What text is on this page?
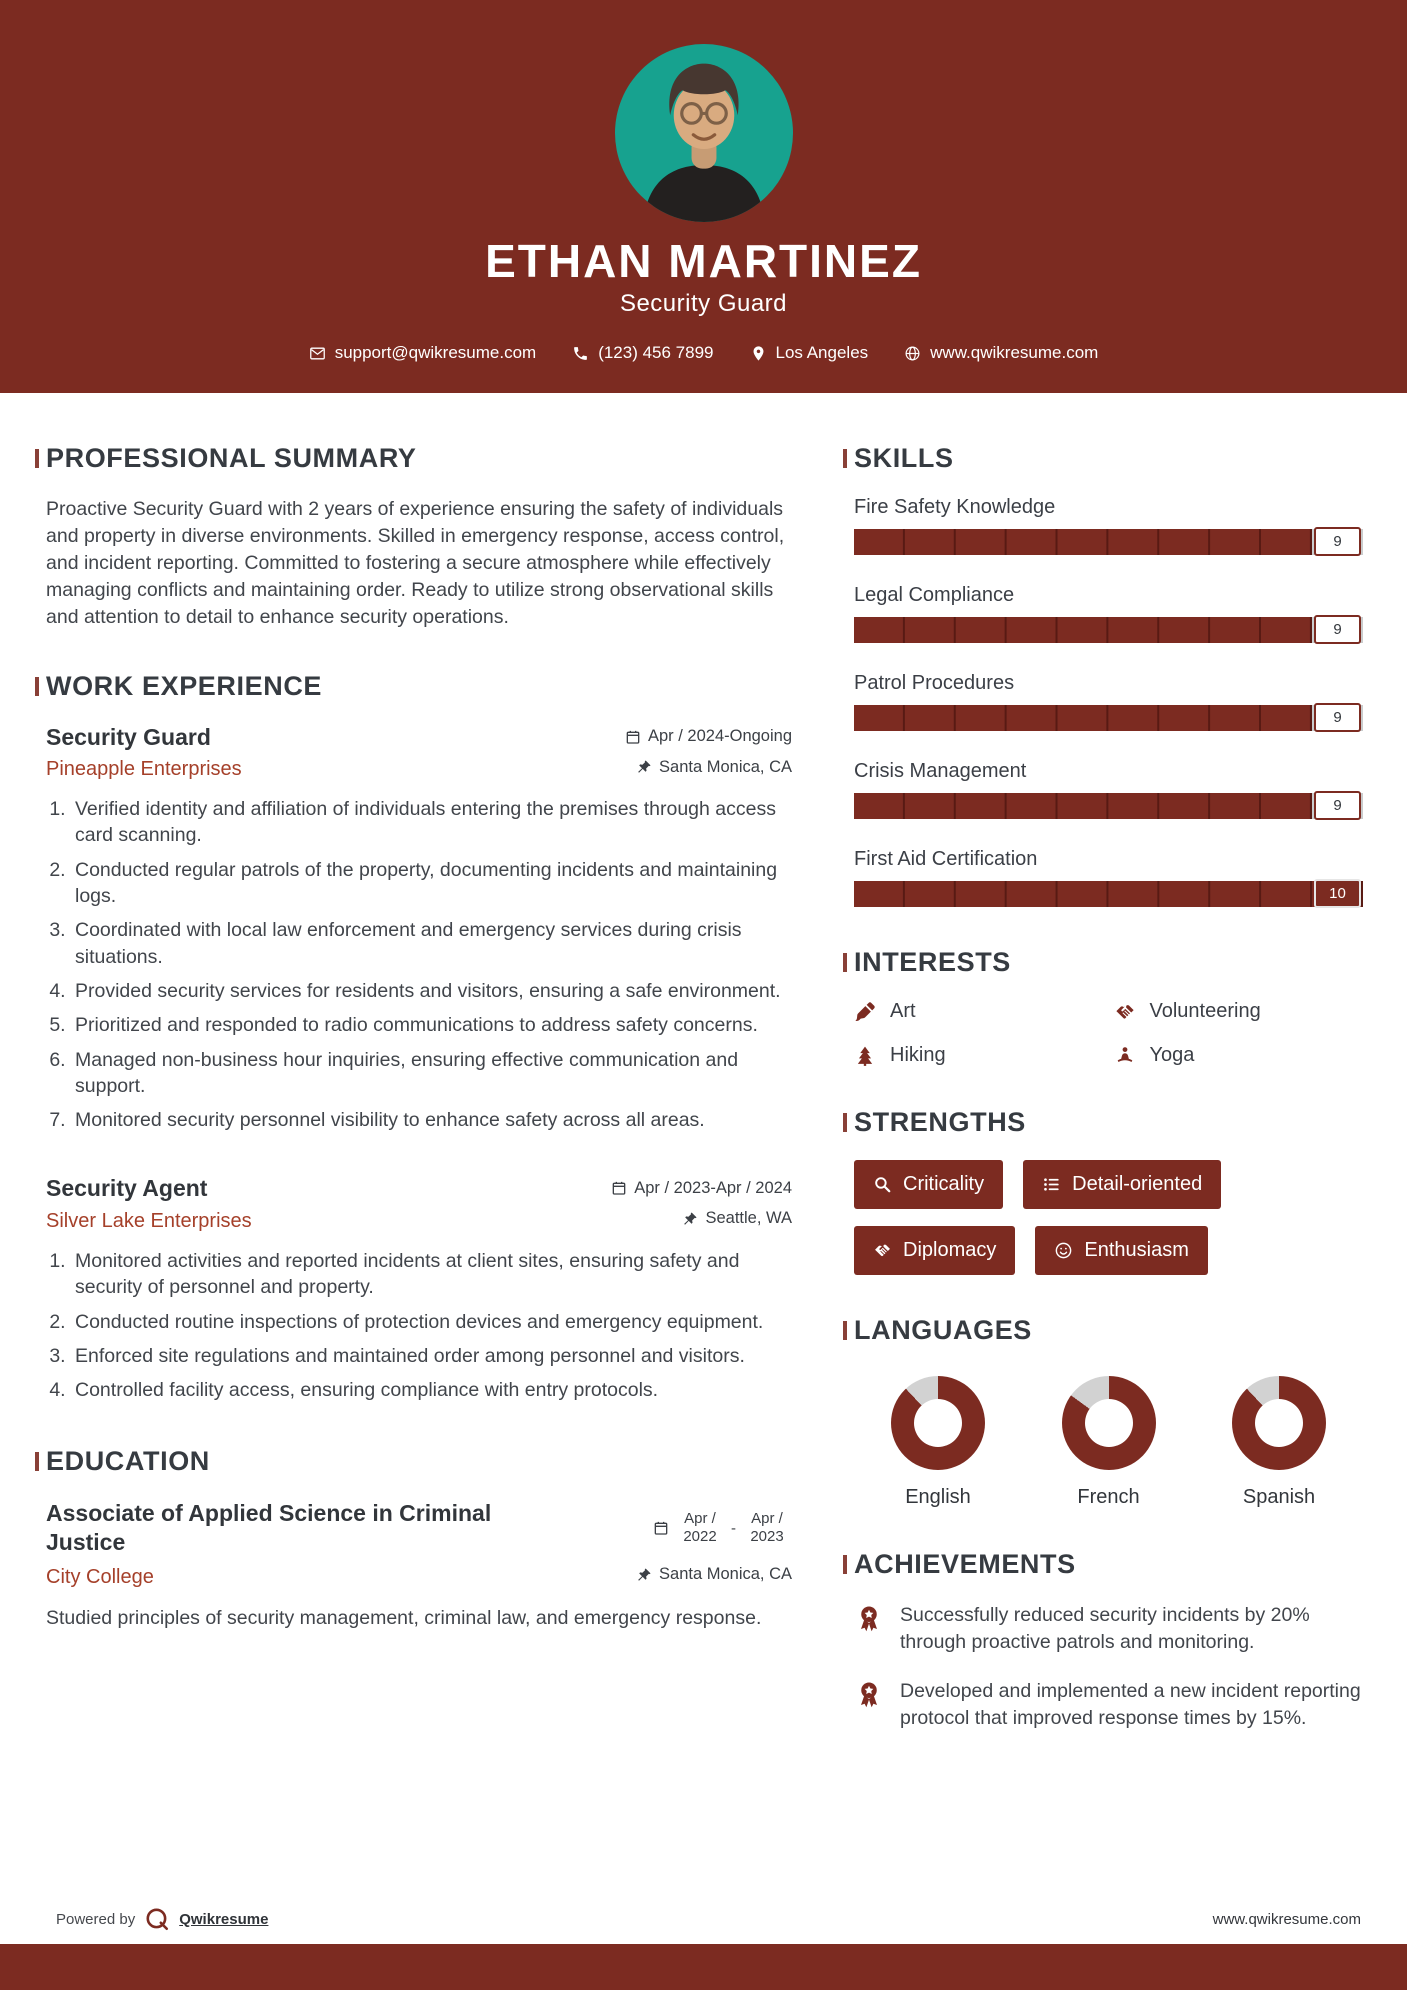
ETHAN MARTINEZ
Security Guard
support@qwikresume.com	(123) 456 7899	Los Angeles	www.qwikresume.com
PROFESSIONAL SUMMARY

Proactive Security Guard with 2 years of experience ensuring the safety of individuals and property in diverse environments. Skilled in emergency response, access control, and incident reporting. Committed to fostering a secure atmosphere while effectively managing conflicts and maintaining order. Ready to utilize strong observational skills and attention to detail to enhance security operations.

WORK EXPERIENCE
Security Guard	Apr / 2024-Ongoing
Pineapple Enterprises	Santa Monica, CA
1. Verified identity and affiliation of individuals entering the premises through access card scanning.
2. Conducted regular patrols of the property, documenting incidents and maintaining logs.
3. Coordinated with local law enforcement and emergency services during crisis situations.
4. Provided security services for residents and visitors, ensuring a safe environment.
5. Prioritized and responded to radio communications to address safety concerns.
6. Managed non-business hour inquiries, ensuring effective communication and support.
7. Monitored security personnel visibility to enhance safety across all areas.
Security Agent	Apr / 2023-Apr / 2024
Silver Lake Enterprises	Seattle, WA
1. Monitored activities and reported incidents at client sites, ensuring safety and security of personnel and property.
2. Conducted routine inspections of protection devices and emergency equipment.
3. Enforced site regulations and maintained order among personnel and visitors.
4. Controlled facility access, ensuring compliance with entry protocols.
EDUCATION
Associate of Applied Science in Criminal Justice
Apr / 2022 -
Apr / 2023
City College	Santa Monica, CA

Studied principles of security management, criminal law, and emergency response.

SKILLS
Fire Safety Knowledge
9
Legal Compliance
9
Patrol Procedures
9
Crisis Management
9
First Aid Certification
10
INTERESTS
Art	Volunteering
Hiking	Yoga
STRENGTHS
Criticality	Detail-oriented
Diplomacy	Enthusiasm
LANGUAGES
English	French	Spanish
ACHIEVEMENTS
Successfully reduced security incidents by 20% through proactive patrols and monitoring.
Developed and implemented a new incident reporting protocol that improved response times by 15%.
Powered by	Qwikresume	www.qwikresume.com
